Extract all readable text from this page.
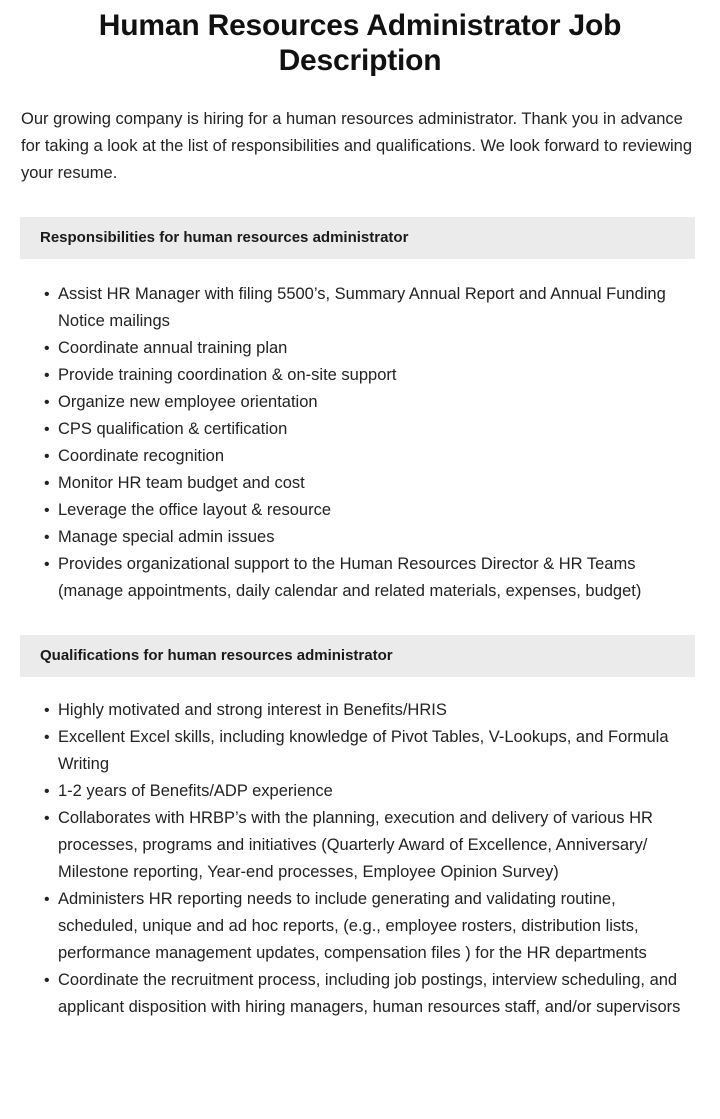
Human Resources Administrator Job Description

Our growing company is hiring for a human resources administrator. Thank you in advance for taking a look at the list of responsibilities and qualifications. We look forward to reviewing your resume.

Responsibilities for human resources administrator
• Assist HR Manager with filing 5500’s, Summary Annual Report and Annual Funding Notice mailings
• Coordinate annual training plan
• Provide training coordination & on-site support
• Organize new employee orientation
• CPS qualification & certification
• Coordinate recognition
• Monitor HR team budget and cost
• Leverage the office layout & resource
• Manage special admin issues
• Provides organizational support to the Human Resources Director & HR Teams (manage appointments, daily calendar and related materials, expenses, budget)
Qualifications for human resources administrator
• Highly motivated and strong interest in Benefits/HRIS
• Excellent Excel skills, including knowledge of Pivot Tables, V-Lookups, and Formula Writing
• 1-2 years of Benefits/ADP experience
• Collaborates with HRBP’s with the planning, execution and delivery of various HR processes, programs and initiatives (Quarterly Award of Excellence, Anniversary/ Milestone reporting, Year-end processes, Employee Opinion Survey)
• Administers HR reporting needs to include generating and validating routine, scheduled, unique and ad hoc reports, (e.g., employee rosters, distribution lists, performance management updates, compensation files ) for the HR departments
• Coordinate the recruitment process, including job postings, interview scheduling, and applicant disposition with hiring managers, human resources staff, and/or supervisors
